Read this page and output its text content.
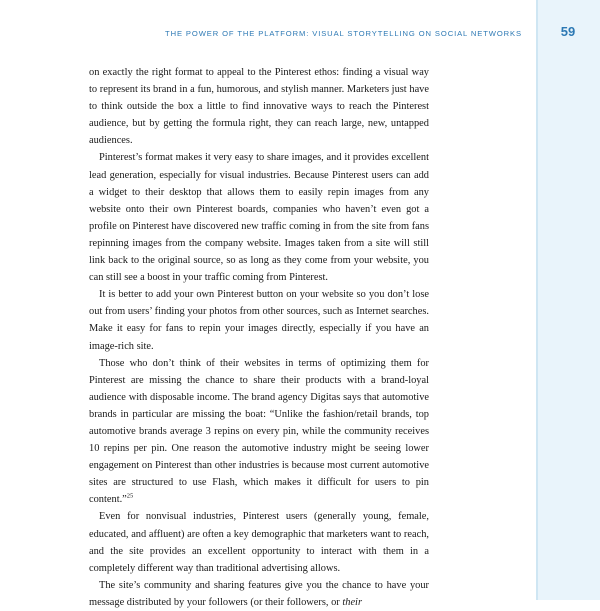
THE POWER OF THE PLATFORM: VISUAL STORYTELLING ON SOCIAL NETWORKS	59

on exactly the right format to appeal to the Pinterest ethos: finding a visual way to represent its brand in a fun, humorous, and stylish manner. Marketers just have to think outside the box a little to find innovative ways to reach the Pinterest audience, but by getting the formula right, they can reach large, new, untapped audiences.

Pinterest’s format makes it very easy to share images, and it provides excellent lead generation, especially for visual industries. Because Pinterest users can add a widget to their desktop that allows them to easily repin images from any website onto their own Pinterest boards, companies who haven’t even got a profile on Pinterest have discovered new traffic coming in from the site from fans repinning images from the company website. Images taken from a site will still link back to the original source, so as long as they come from your website, you can still see a boost in your traffic coming from Pinterest.

It is better to add your own Pinterest button on your website so you don’t lose out from users’ finding your photos from other sources, such as Internet searches. Make it easy for fans to repin your images directly, especially if you have an image-rich site.

Those who don’t think of their websites in terms of optimizing them for Pinterest are missing the chance to share their products with a brand-loyal audience with disposable income. The brand agency Digitas says that automotive brands in particular are missing the boat: “Unlike the fashion/retail brands, top automotive brands average 3 repins on every pin, while the community receives 10 repins per pin. One reason the automotive industry might be seeing lower engagement on Pinterest than other industries is because most current automotive sites are structured to use Flash, which makes it difficult for users to pin content.”$^{25}$

Even for nonvisual industries, Pinterest users (generally young, female, educated, and affluent) are often a key demographic that marketers want to reach, and the site provides an excellent opportunity to interact with them in a completely different way than traditional advertising allows.

The site’s community and sharing features give you the chance to have your message distributed by your followers (or their followers, or their
